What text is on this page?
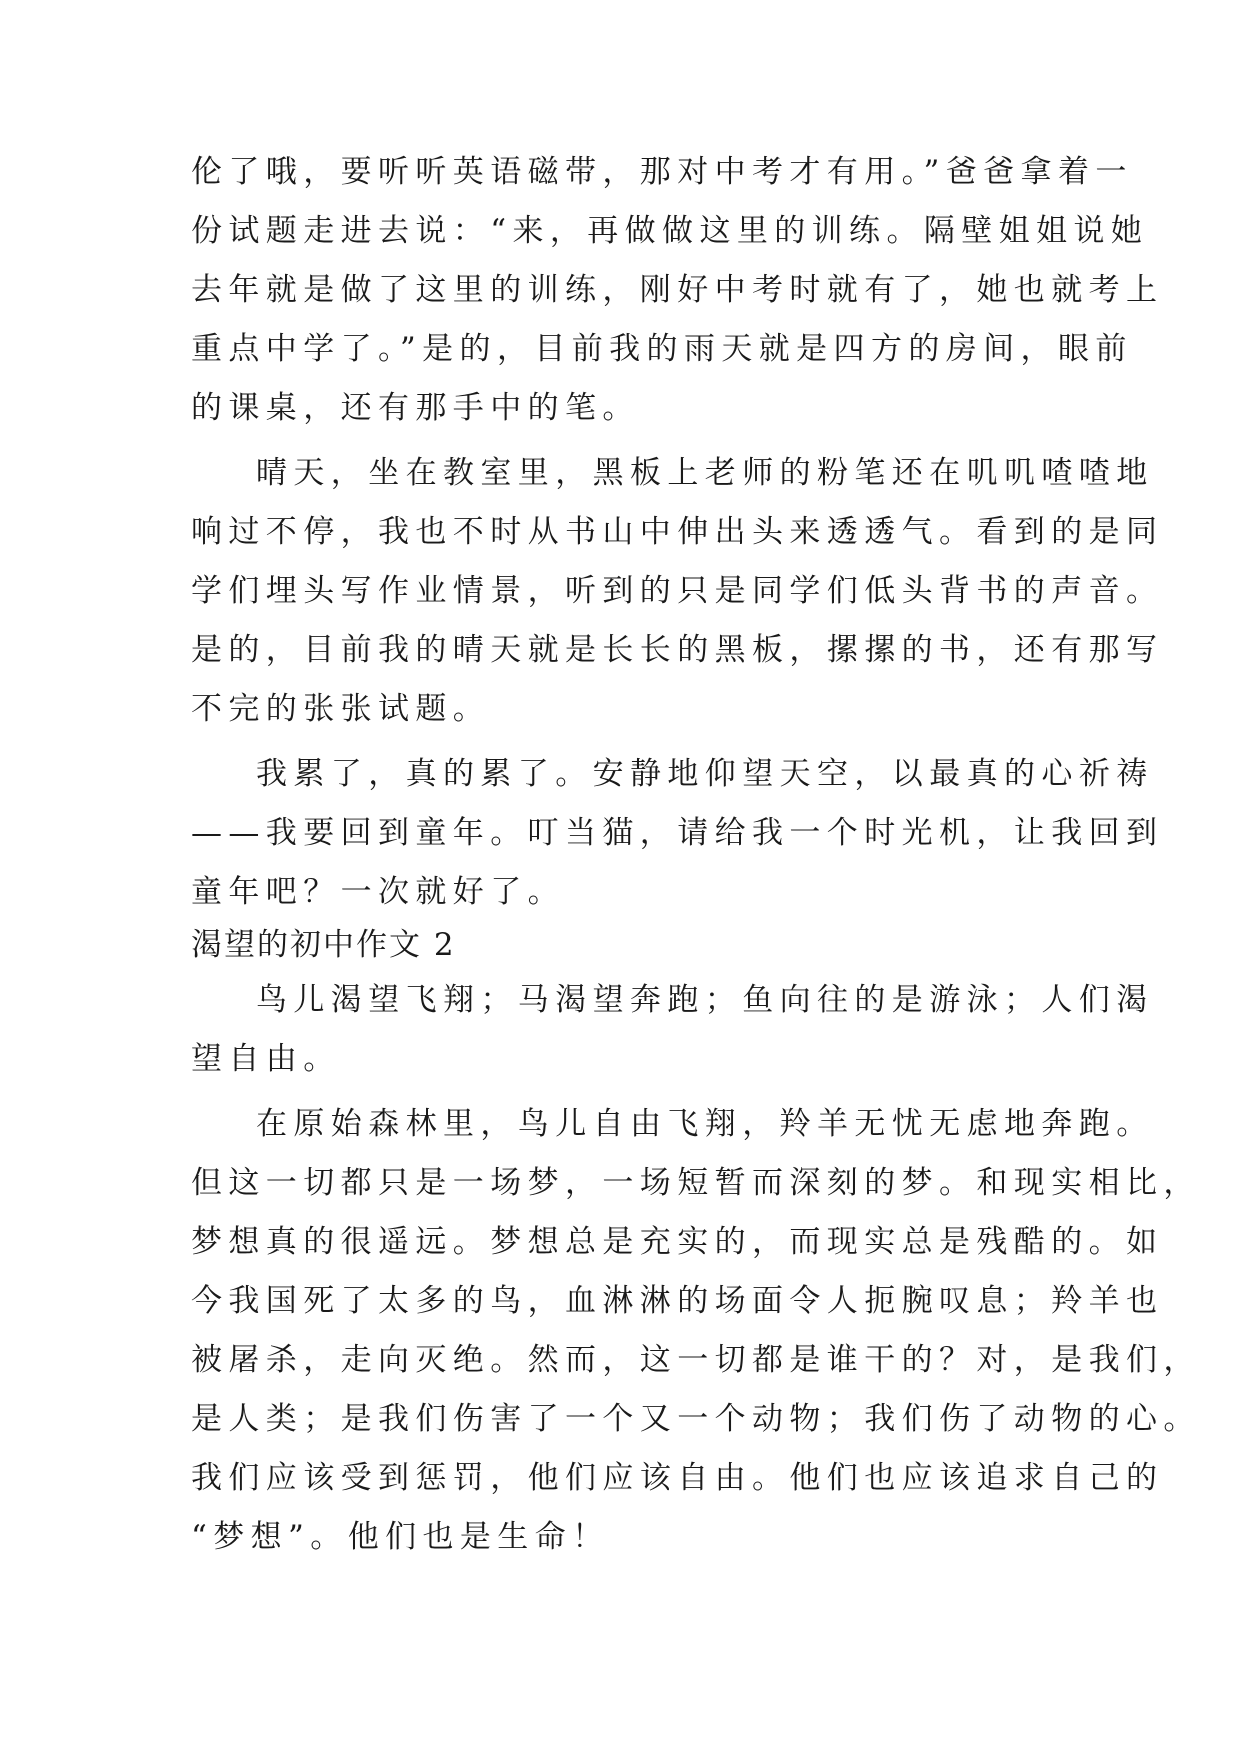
伦了哦，要听听英语磁带，那对中考才有用。”爸爸拿着一
份试题走进去说：“来，再做做这里的训练。隔壁姐姐说她
去年就是做了这里的训练，刚好中考时就有了，她也就考上
重点中学了。”是的，目前我的雨天就是四方的房间，眼前
的课桌，还有那手中的笔。
晴天，坐在教室里，黑板上老师的粉笔还在叽叽喳喳地
响过不停，我也不时从书山中伸出头来透透气。看到的是同
学们埋头写作业情景，听到的只是同学们低头背书的声音。
是的，目前我的晴天就是长长的黑板，摞摞的书，还有那写
不完的张张试题。
我累了，真的累了。安静地仰望天空，以最真的心祈祷
——我要回到童年。叮当猫，请给我一个时光机，让我回到
童年吧？一次就好了。
渴望的初中作文 2
鸟儿渴望飞翔；马渴望奔跑；鱼向往的是游泳；人们渴
望自由。
在原始森林里，鸟儿自由飞翔，羚羊无忧无虑地奔跑。
但这一切都只是一场梦，一场短暂而深刻的梦。和现实相比，
梦想真的很遥远。梦想总是充实的，而现实总是残酷的。如
今我国死了太多的鸟，血淋淋的场面令人扼腕叹息；羚羊也
被屠杀，走向灭绝。然而，这一切都是谁干的？对，是我们，
是人类；是我们伤害了一个又一个动物；我们伤了动物的心。
我们应该受到惩罚，他们应该自由。他们也应该追求自己的
“梦想”。他们也是生命！
